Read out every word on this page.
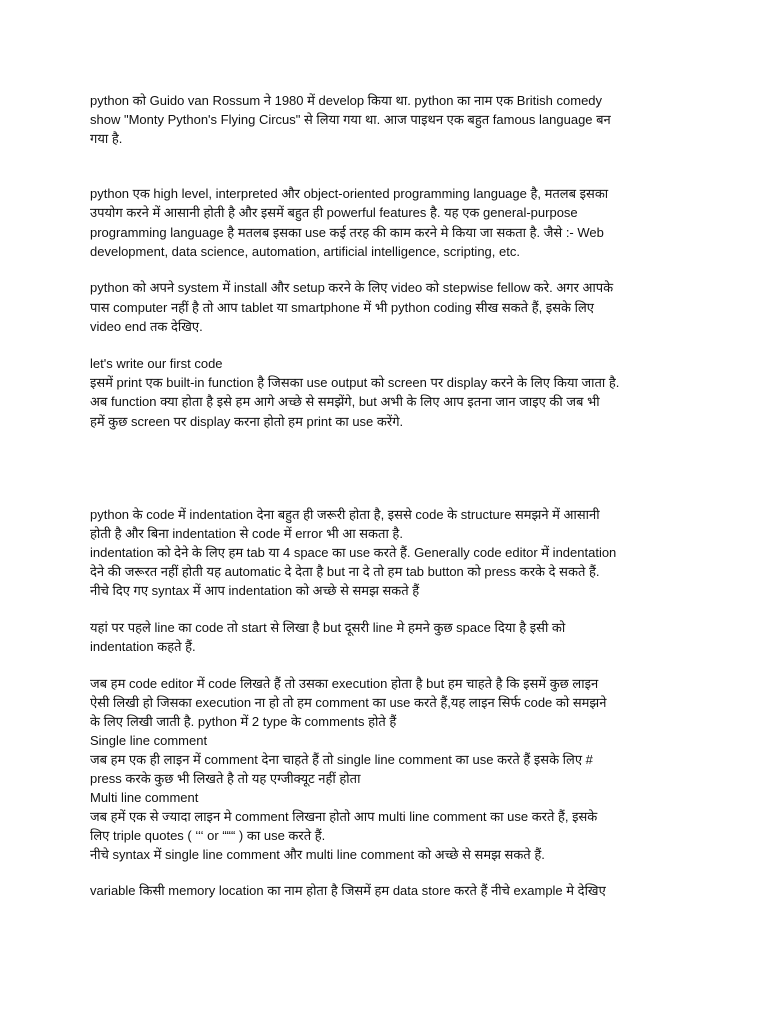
python को Guido van Rossum ने 1980 में develop किया था. python का नाम एक British comedy
show "Monty Python's Flying Circus" से लिया गया था. आज पाइथन एक बहुत famous language बन
गया है.
python एक high level, interpreted और object-oriented programming language है, मतलब इसका
उपयोग करने में आसानी होती है और इसमें बहुत ही powerful features है. यह एक general-purpose
programming language है मतलब इसका use कई तरह की काम करने मे किया जा सकता है. जैसे :- Web
development, data science, automation, artificial intelligence, scripting, etc.
python को अपने system में install और setup करने के लिए video को stepwise fellow करे. अगर आपके
पास computer नहीं है तो आप tablet या smartphone में भी python coding सीख सकते हैं, इसके लिए
video end तक देखिए.
let's write our first code
इसमें print एक built-in function है जिसका use output को screen पर display करने के लिए किया जाता है.
अब function क्या होता है इसे हम आगे अच्छे से समझेंगे, but अभी के लिए आप इतना जान जाइए की जब भी
हमें कुछ screen पर display करना होतो हम print का use करेंगे.
python के code में indentation देना बहुत ही जरूरी होता है, इससे code के structure समझने में आसानी
होती है और बिना indentation से code में error भी आ सकता है.
indentation को देने के लिए हम tab या 4 space का use करते हैं. Generally code editor में indentation
देने की जरूरत नहीं होती यह automatic दे देता है but ना दे तो हम tab button को press करके दे सकते हैं.
नीचे दिए गए syntax में आप indentation को अच्छे से समझ सकते हैं
यहां पर पहले line का code तो start से लिखा है but दूसरी line मे हमने कुछ space दिया है इसी को
indentation कहते हैं.
जब हम code editor में code लिखते हैं तो उसका execution होता है but हम चाहते है कि इसमें कुछ लाइन
ऐसी लिखी हो जिसका execution ना हो तो हम comment का use करते हैं,यह लाइन सिर्फ code को समझने
के लिए लिखी जाती है. python में 2 type के comments होते हैं
Single line comment
जब हम एक ही लाइन में comment देना चाहते हैं तो single line comment का use करते हैं इसके लिए #
press करके कुछ भी लिखते है तो यह एग्जीक्यूट नहीं होता
Multi line comment
जब हमें एक से ज्यादा लाइन मे comment लिखना होतो आप multi line comment का use करते हैं, इसके
लिए triple quotes ( ‘‘‘ or “““ ) का use करते हैं.
नीचे syntax में single line comment और multi line comment को अच्छे से समझ सकते हैं.
variable किसी memory location का नाम होता है जिसमें हम data store करते हैं नीचे example मे देखिए
